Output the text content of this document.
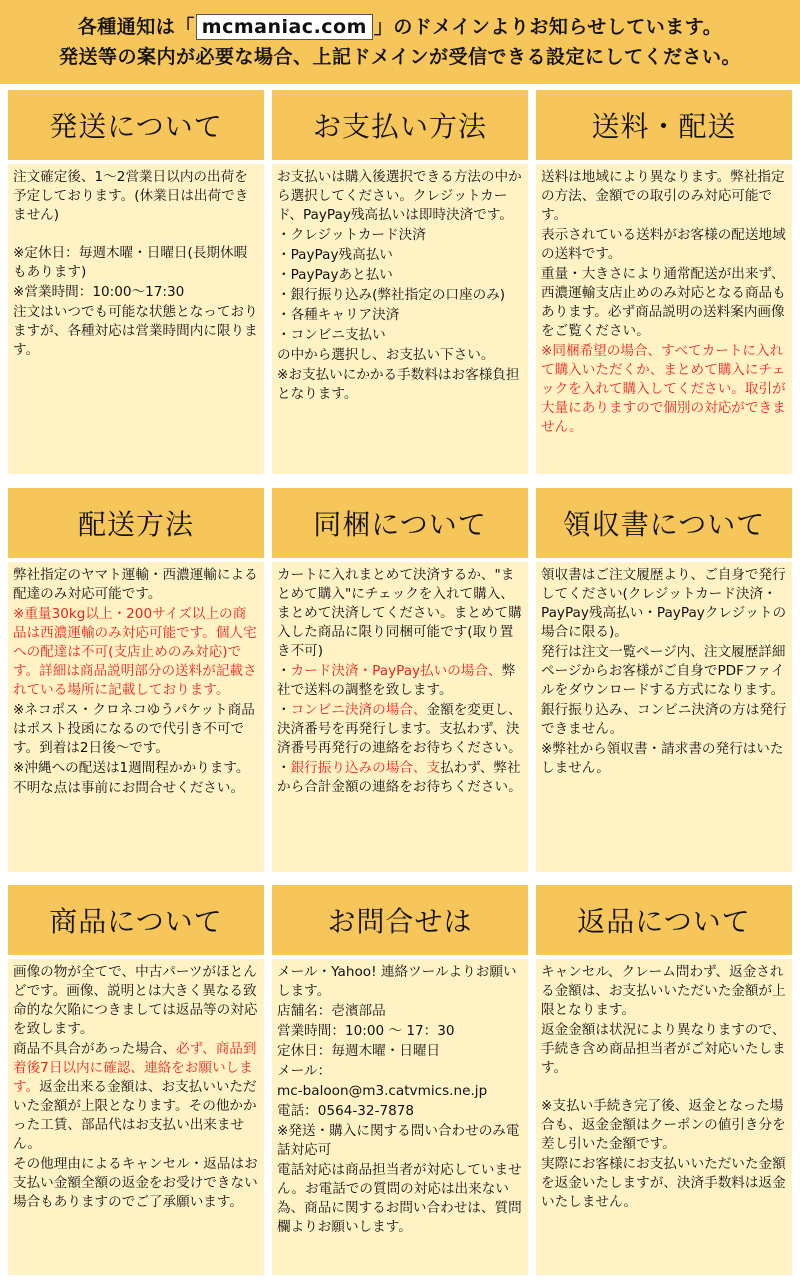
各種通知は「 mcmaniac.com 」のドメインよりお知らせしています。
発送等の案内が必要な場合、上記ドメインが受信できる設定にしてください。
発送について

注文確定後、1〜2営業日以内の出荷を予定しております。(休業日は出荷できません)

※定休日：毎週木曜・日曜日(長期休暇もあります)

※営業時間：10:00〜17:30

注文はいつでも可能な状態となっておりますが、各種対応は営業時間内に限ります。

お支払い方法

お支払いは購入後選択できる方法の中から選択してください。クレジットカード、PayPay残高払いは即時決済です。

・クレジットカード決済

・PayPay残高払い

・PayPayあと払い

・銀行振り込み(弊社指定の口座のみ)

・各種キャリア決済

・コンビニ支払い

の中から選択し、お支払い下さい。

※お支払いにかかる手数料はお客様負担となります。

送料・配送

送料は地域により異なります。弊社指定の方法、金額での取引のみ対応可能です。

表示されている送料がお客様の配送地域の送料です。

重量・大きさにより通常配送が出来ず、西濃運輸支店止めのみ対応となる商品もあります。必ず商品説明の送料案内画像をご覧ください。

※同梱希望の場合、すべてカートに入れて購入いただくか、まとめて購入にチェックを入れて購入してください。取引が大量にありますので個別の対応ができません。

配送方法

弊社指定のヤマト運輸・西濃運輸による配達のみ対応可能です。

※重量30kg以上・200サイズ以上の商品は西濃運輸のみ対応可能です。個人宅への配達は不可(支店止めのみ対応)です。詳細は商品説明部分の送料が記載されている場所に記載しております。

※ネコポス・クロネコゆうパケット商品はポスト投函になるので代引き不可です。到着は2日後〜です。

※沖縄への配送は1週間程かかります。

不明な点は事前にお問合せください。

同梱について

カートに入れまとめて決済するか、"まとめて購入"にチェックを入れて購入、まとめて決済してください。まとめて購入した商品に限り同梱可能です(取り置き不可)

・カード決済・PayPay払いの場合、弊社で送料の調整を致します。

・コンビニ決済の場合、金額を変更し、決済番号を再発行します。支払わず、決済番号再発行の連絡をお待ちください。

・銀行振り込みの場合、支払わず、弊社から合計金額の連絡をお待ちください。

領収書について

領収書はご注文履歴より、ご自身で発行してください(クレジットカード決済・PayPay残高払い・PayPayクレジットの場合に限る)。

発行は注文一覧ページ内、注文履歴詳細ページからお客様がご自身でPDFファイルをダウンロードする方式になります。

銀行振り込み、コンビニ決済の方は発行できません。

※弊社から領収書・請求書の発行はいたしません。

商品について

画像の物が全てで、中古パーツがほとんどです。画像、説明とは大きく異なる致命的な欠陥につきましては返品等の対応を致します。

商品不具合があった場合、必ず、商品到着後7日以内に確認、連絡をお願いします。返金出来る金額は、お支払いいただいた金額が上限となります。その他かかった工賃、部品代はお支払い出来ません。

その他理由によるキャンセル・返品はお支払い金額全額の返金をお受けできない場合もありますのでご了承願います。

お問合せは

メール・Yahoo! 連絡ツールよりお願いします。

店舗名：壱濱部品

営業時間：10:00 〜 17：30

定休日：毎週木曜・日曜日

メール：

mc-baloon@m3.catvmics.ne.jp

電話：0564-32-7878

※発送・購入に関する問い合わせのみ電話対応可

電話対応は商品担当者が対応していません。お電話での質問の対応は出来ない為、商品に関するお問い合わせは、質問欄よりお願いします。

返品について

キャンセル、クレーム問わず、返金される金額は、お支払いいただいた金額が上限となります。

返金金額は状況により異なりますので、手続き含め商品担当者がご対応いたします。

※支払い手続き完了後、返金となった場合も、返金金額はクーポンの値引き分を差し引いた金額です。

実際にお客様にお支払いいただいた金額を返金いたしますが、決済手数料は返金いたしません。
